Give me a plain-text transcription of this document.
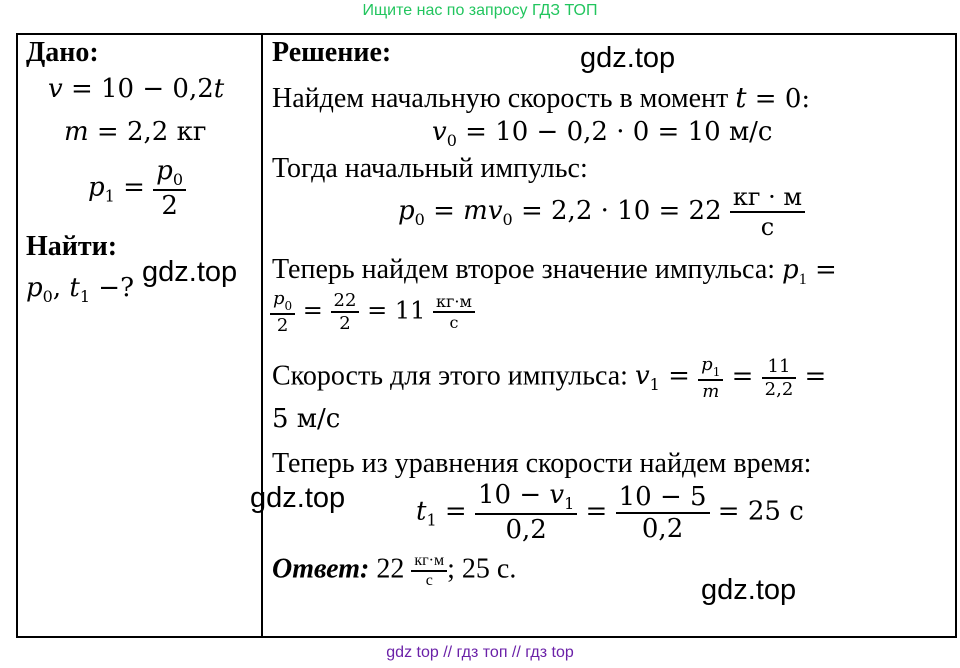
Ищите нас по запросу ГДЗ ТОП
Дано:
v = 10 − 0,2t
m = 2,2 кг
$p_1 = \frac{p_0}{2}$
Найти:
$p_0$, $t_1$ −?
Решение:
Найдем начальную скорость в момент t = 0:
$v_0 = 10 - 0,2 \cdot 0 = 10$ м/с
Тогда начальный импульс:
$p_0 = mv_0 = 2,2 \cdot 10 = 22 \frac{кг \cdot м}{с}$
Теперь найдем второе значение импульса: $p_1$ =
$\frac{p_0}{2} = \frac{22}{2} = 11 \frac{кг\cdot м}{с}$
Скорость для этого импульса: $v_1 = \frac{p_1}{m} = \frac{11}{2,2}$ =
5 м/с
Теперь из уравнения скорости найдем время:
$t_1 = \frac{10 - v_1}{0,2} = \frac{10 - 5}{0,2} = 25$ с
Ответ: $22 \frac{кг\cdot м}{с}$ ; 25 с.
gdz.top
gdz.top
gdz.top
gdz.top
gdz top // гдз топ // гдз top
